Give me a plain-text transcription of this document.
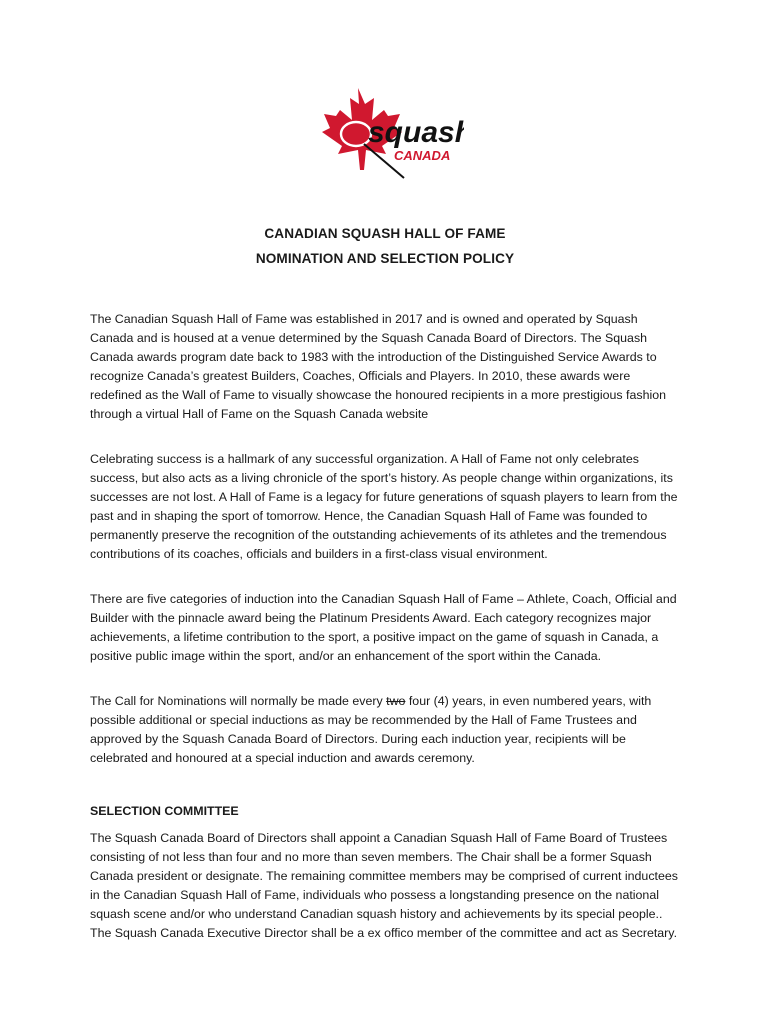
squash
CANADA
CANADIAN SQUASH HALL OF FAME
NOMINATION AND SELECTION POLICY

The Canadian Squash Hall of Fame was established in 2017 and is owned and operated by Squash Canada and is housed at a venue determined by the Squash Canada Board of Directors. The Squash Canada awards program date back to 1983 with the introduction of the Distinguished Service Awards to recognize Canada’s greatest Builders, Coaches, Officials and Players. In 2010, these awards were redefined as the Wall of Fame to visually showcase the honoured recipients in a more prestigious fashion through a virtual Hall of Fame on the Squash Canada website

Celebrating success is a hallmark of any successful organization. A Hall of Fame not only celebrates success, but also acts as a living chronicle of the sport’s history. As people change within organizations, its successes are not lost. A Hall of Fame is a legacy for future generations of squash players to learn from the past and in shaping the sport of tomorrow. Hence, the Canadian Squash Hall of Fame was founded to permanently preserve the recognition of the outstanding achievements of its athletes and the tremendous contributions of its coaches, officials and builders in a first-class visual environment.

There are five categories of induction into the Canadian Squash Hall of Fame – Athlete, Coach, Official and Builder with the pinnacle award being the Platinum Presidents Award. Each category recognizes major achievements, a lifetime contribution to the sport, a positive impact on the game of squash in Canada, a positive public image within the sport, and/or an enhancement of the sport within the Canada.

The Call for Nominations will normally be made every two four (4) years, in even numbered years, with possible additional or special inductions as may be recommended by the Hall of Fame Trustees and approved by the Squash Canada Board of Directors. During each induction year, recipients will be celebrated and honoured at a special induction and awards ceremony.

SELECTION COMMITTEE

The Squash Canada Board of Directors shall appoint a Canadian Squash Hall of Fame Board of Trustees consisting of not less than four and no more than seven members. The Chair shall be a former Squash Canada president or designate. The remaining committee members may be comprised of current inductees in the Canadian Squash Hall of Fame, individuals who possess a longstanding presence on the national squash scene and/or who understand Canadian squash history and achievements by its special people.. The Squash Canada Executive Director shall be a ex offico member of the committee and act as Secretary.
